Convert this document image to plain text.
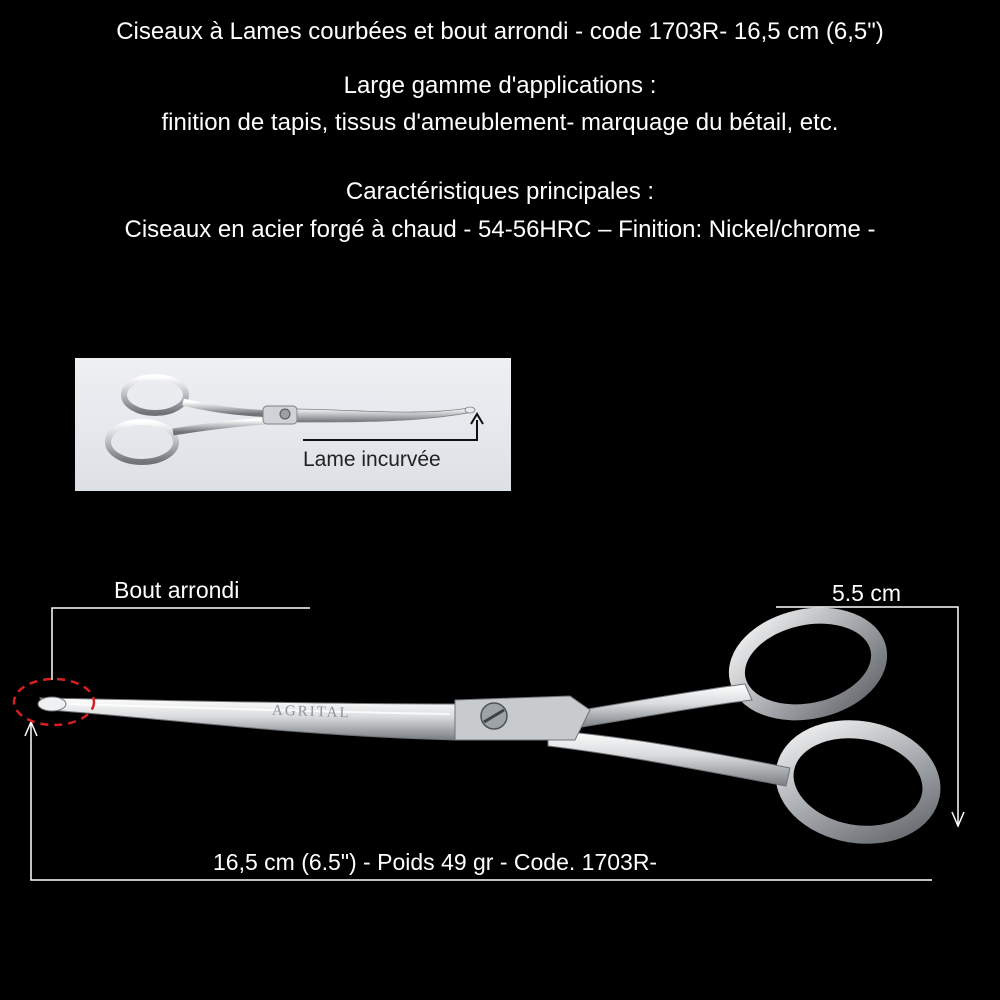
Ciseaux à Lames courbées et bout arrondi - code 1703R- 16,5 cm (6,5")
Large gamme d'applications :
finition de tapis, tissus d'ameublement- marquage du bétail, etc.
Caractéristiques principales :
Ciseaux en acier forgé à chaud - 54-56HRC – Finition: Nickel/chrome -
Lame incurvée
AGRITAL
Bout arrondi	5.5 cm
16,5 cm (6.5") - Poids 49 gr - Code. 1703R-
